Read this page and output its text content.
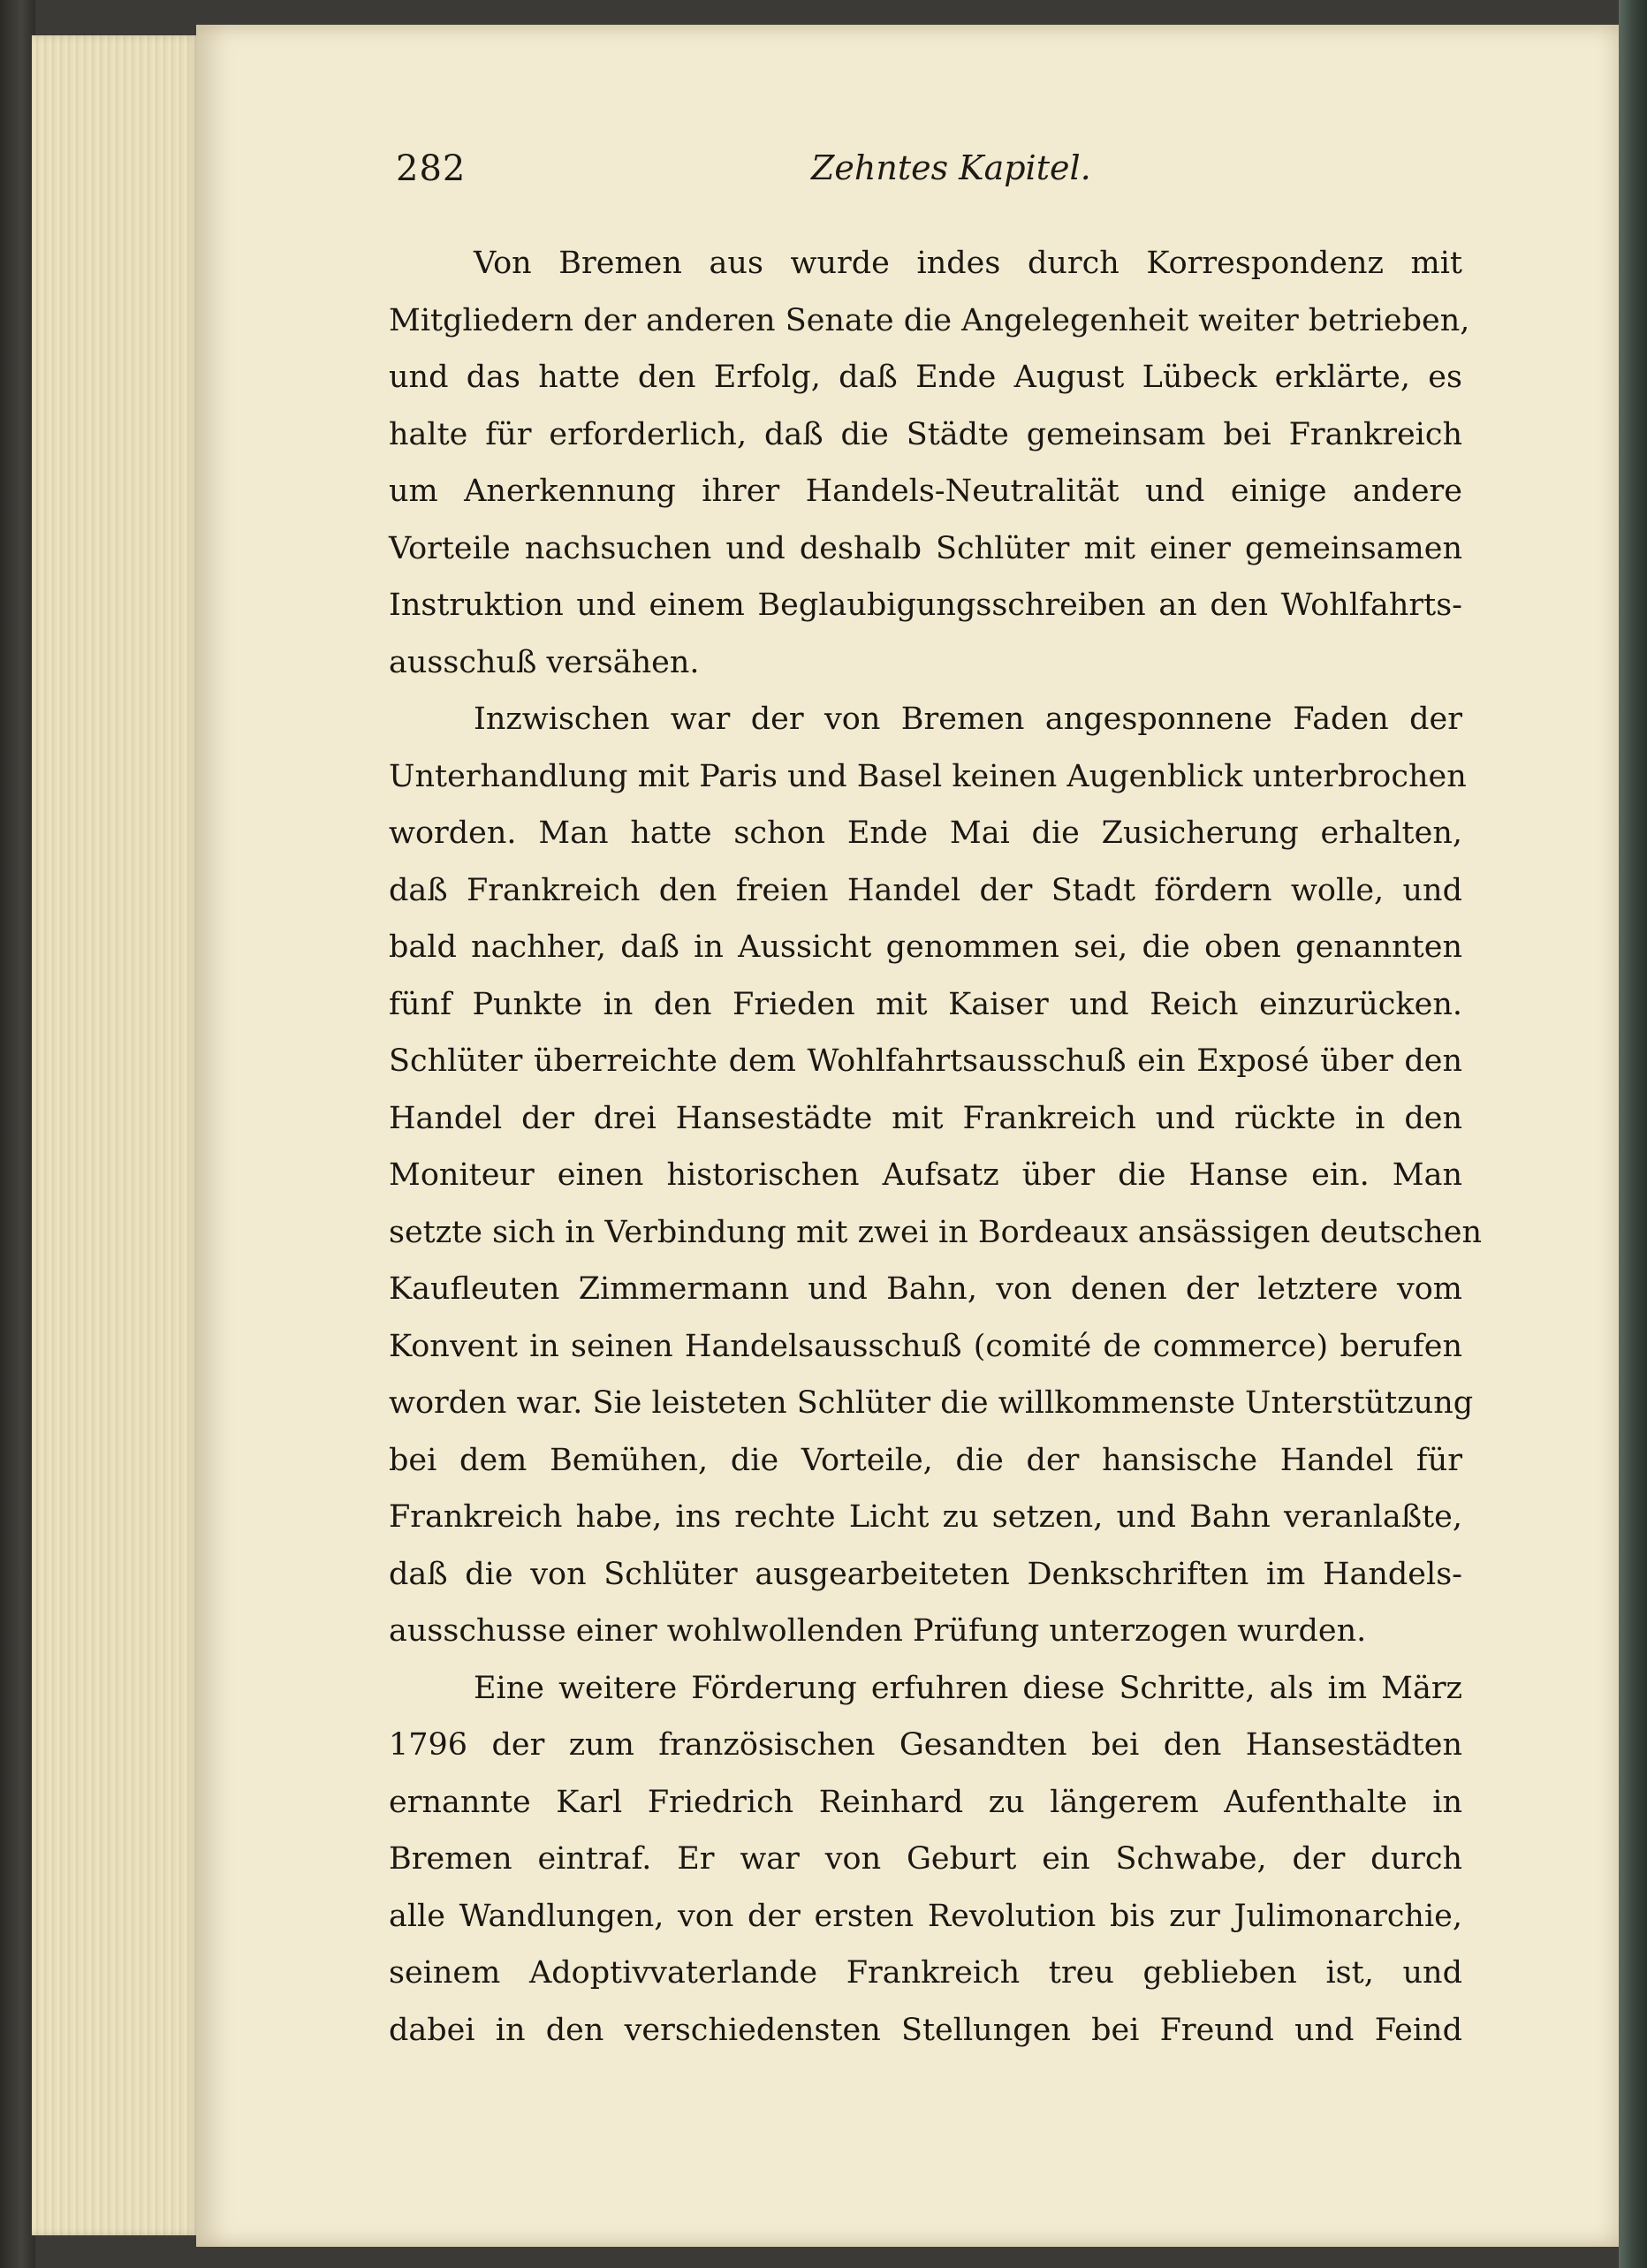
282	Zehntes Kapitel.
Von Bremen aus wurde indes durch Korrespondenz mit
Mitgliedern der anderen Senate die Angelegenheit weiter betrieben,
und das hatte den Erfolg, daß Ende August Lübeck erklärte, es
halte für erforderlich, daß die Städte gemeinsam bei Frankreich
um Anerkennung ihrer Handels-Neutralität und einige andere
Vorteile nachsuchen und deshalb Schlüter mit einer gemeinsamen
Instruktion und einem Beglaubigungsschreiben an den Wohlfahrts-
ausschuß versähen.
Inzwischen war der von Bremen angesponnene Faden der
Unterhandlung mit Paris und Basel keinen Augenblick unterbrochen
worden. Man hatte schon Ende Mai die Zusicherung erhalten,
daß Frankreich den freien Handel der Stadt fördern wolle, und
bald nachher, daß in Aussicht genommen sei, die oben genannten
fünf Punkte in den Frieden mit Kaiser und Reich einzurücken.
Schlüter überreichte dem Wohlfahrtsausschuß ein Exposé über den
Handel der drei Hansestädte mit Frankreich und rückte in den
Moniteur einen historischen Aufsatz über die Hanse ein. Man
setzte sich in Verbindung mit zwei in Bordeaux ansässigen deutschen
Kaufleuten Zimmermann und Bahn, von denen der letztere vom
Konvent in seinen Handelsausschuß (comité de commerce) berufen
worden war. Sie leisteten Schlüter die willkommenste Unterstützung
bei dem Bemühen, die Vorteile, die der hansische Handel für
Frankreich habe, ins rechte Licht zu setzen, und Bahn veranlaßte,
daß die von Schlüter ausgearbeiteten Denkschriften im Handels-
ausschusse einer wohlwollenden Prüfung unterzogen wurden.
Eine weitere Förderung erfuhren diese Schritte, als im März
1796 der zum französischen Gesandten bei den Hansestädten
ernannte Karl Friedrich Reinhard zu längerem Aufenthalte in
Bremen eintraf. Er war von Geburt ein Schwabe, der durch
alle Wandlungen, von der ersten Revolution bis zur Julimonarchie,
seinem Adoptivvaterlande Frankreich treu geblieben ist, und
dabei in den verschiedensten Stellungen bei Freund und Feind
